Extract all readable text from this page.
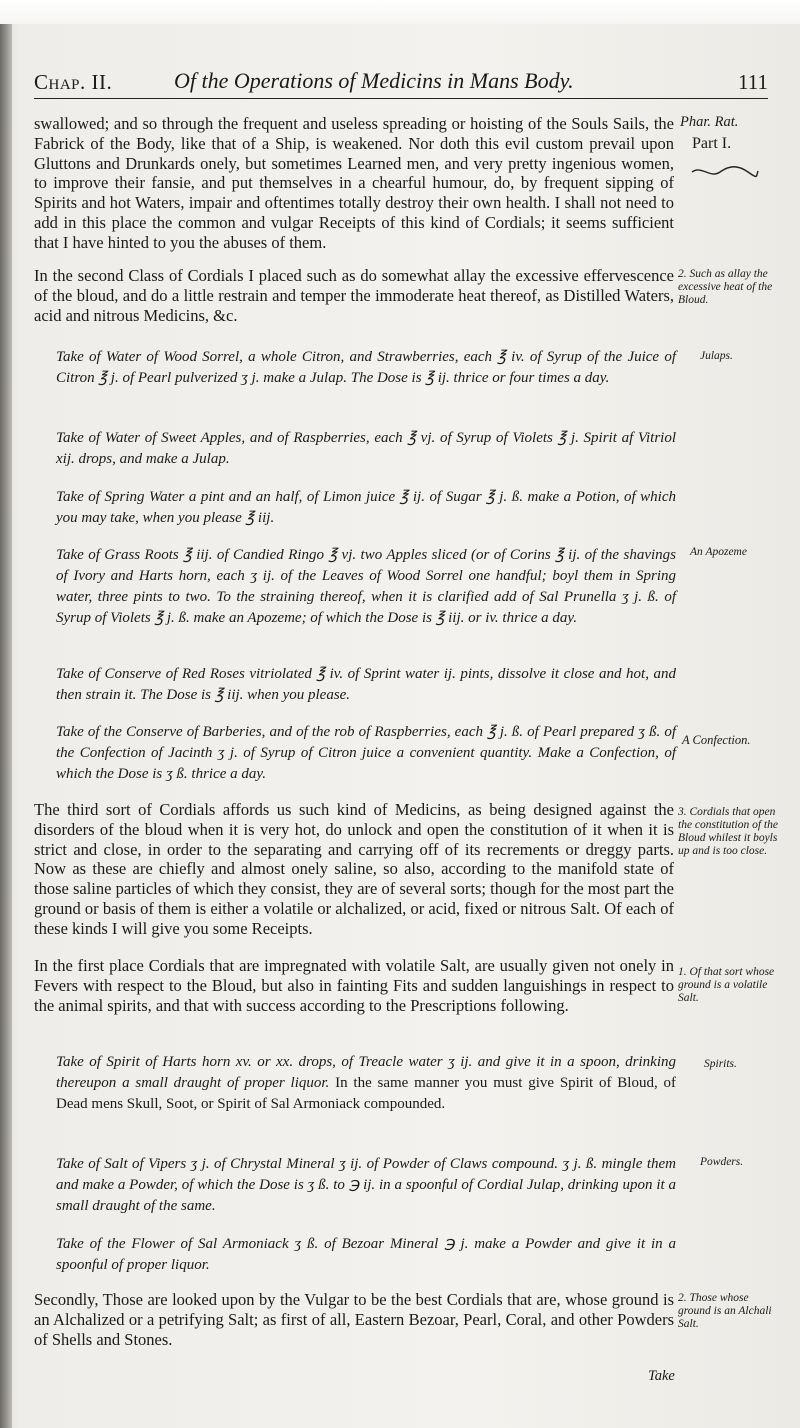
Chap. II.	Of the Operations of Medicins in Mans Body.	111

swallowed; and so through the frequent and useless spreading or hoisting of the Souls Sails, the Fabrick of the Body, like that of a Ship, is weakened. Nor doth this evil custom prevail upon Gluttons and Drunkards onely, but sometimes Learned men, and very pretty ingenious women, to improve their fansie, and put themselves in a chearful humour, do, by frequent sipping of Spirits and hot Waters, impair and oftentimes totally destroy their own health. I shall not need to add in this place the common and vulgar Receipts of this kind of Cordials; it seems sufficient that I have hinted to you the abuses of them.

Phar. Rat.
Part I.

In the second Class of Cordials I placed such as do somewhat allay the excessive effervescence of the bloud, and do a little restrain and temper the immoderate heat thereof, as Distilled Waters, acid and nitrous Medicins, &c.

2. Such as allay the excessive heat of the Bloud.

Take of Water of Wood Sorrel, a whole Citron, and Strawberries, each ℥ iv. of Syrup of the Juice of Citron ℥ j. of Pearl pulverized ʒ j. make a Julap. The Dose is ℥ ij. thrice or four times a day.

Julaps.

Take of Water of Sweet Apples, and of Raspberries, each ℥ vj. of Syrup of Violets ℥ j. Spirit af Vitriol xij. drops, and make a Julap.

Take of Spring Water a pint and an half, of Limon juice ℥ ij. of Sugar ℥ j. ß. make a Potion, of which you may take, when you please ℥ iij.

Take of Grass Roots ℥ iij. of Candied Ringo ℥ vj. two Apples sliced (or of Corins ℥ ij. of the shavings of Ivory and Harts horn, each ʒ ij. of the Leaves of Wood Sorrel one handful; boyl them in Spring water, three pints to two. To the straining thereof, when it is clarified add of Sal Prunella ʒ j. ß. of Syrup of Violets ℥ j. ß. make an Apozeme; of which the Dose is ℥ iij. or iv. thrice a day.

An Apozeme

Take of Conserve of Red Roses vitriolated ℥ iv. of Sprint water ij. pints, dissolve it close and hot, and then strain it. The Dose is ℥ iij. when you please.

Take of the Conserve of Barberies, and of the rob of Raspberries, each ℥ j. ß. of Pearl prepared ʒ ß. of the Confection of Jacinth ʒ j. of Syrup of Citron juice a convenient quantity. Make a Confection, of which the Dose is ʒ ß. thrice a day.

A Confection.

The third sort of Cordials affords us such kind of Medicins, as being designed against the disorders of the bloud when it is very hot, do unlock and open the constitution of it when it is strict and close, in order to the separating and carrying off of its recrements or dreggy parts. Now as these are chiefly and almost onely saline, so also, according to the manifold state of those saline particles of which they consist, they are of several sorts; though for the most part the ground or basis of them is either a volatile or alchalized, or acid, fixed or nitrous Salt. Of each of these kinds I will give you some Receipts.

3. Cordials that open the constitution of the Bloud whilest it boyls up and is too close.

In the first place Cordials that are impregnated with volatile Salt, are usually given not onely in Fevers with respect to the Bloud, but also in fainting Fits and sudden languishings in respect to the animal spirits, and that with success according to the Prescriptions following.

1. Of that sort whose ground is a volatile Salt.

Take of Spirit of Harts horn xv. or xx. drops, of Treacle water ʒ ij. and give it in a spoon, drinking thereupon a small draught of proper liquor. In the same manner you must give Spirit of Bloud, of Dead mens Skull, Soot, or Spirit of Sal Armoniack compounded.

Spirits.

Take of Salt of Vipers ʒ j. of Chrystal Mineral ʒ ij. of Powder of Claws compound. ʒ j. ß. mingle them and make a Powder, of which the Dose is ʒ ß. to ℈ ij. in a spoonful of Cordial Julap, drinking upon it a small draught of the same.

Powders.

Take of the Flower of Sal Armoniack ʒ ß. of Bezoar Mineral ℈ j. make a Powder and give it in a spoonful of proper liquor.

Secondly, Those are looked upon by the Vulgar to be the best Cordials that are, whose ground is an Alchalized or a petrifying Salt; as first of all, Eastern Bezoar, Pearl, Coral, and other Powders of Shells and Stones.

2. Those whose ground is an Alchali Salt.
Take
